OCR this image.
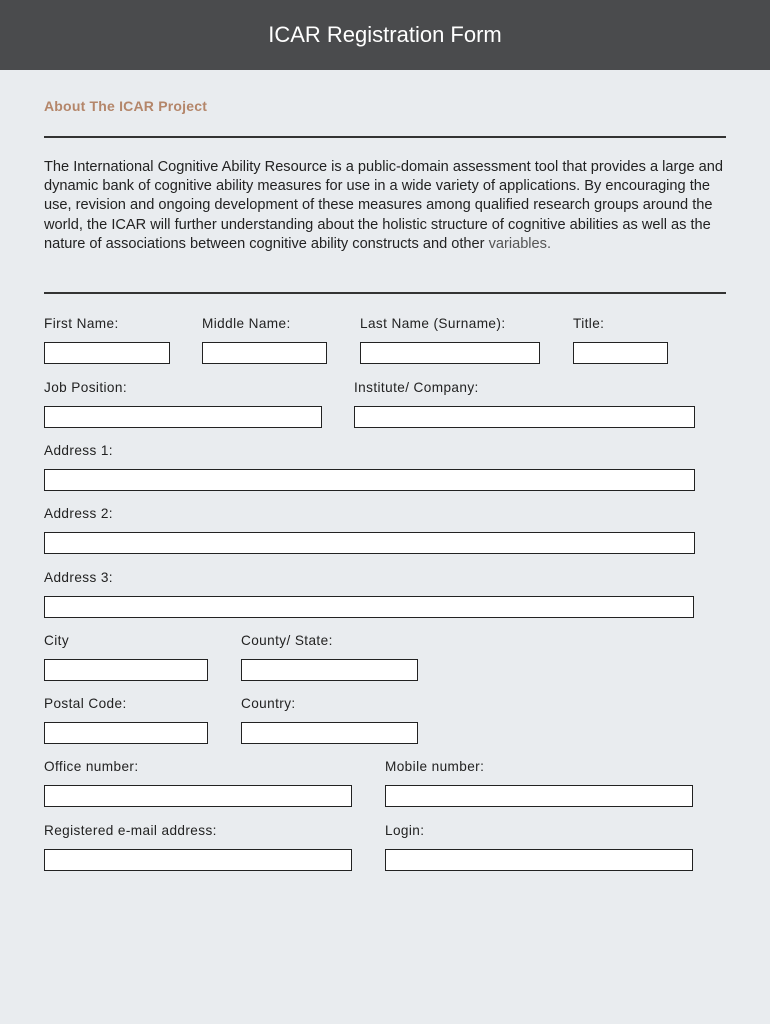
ICAR Registration Form
About The ICAR Project
The International Cognitive Ability Resource is a public-domain assessment tool that provides a large and dynamic bank of cognitive ability measures for use in a wide variety of applications. By encouraging the use, revision and ongoing development of these measures among qualified research groups around the world, the ICAR will further understanding about the holistic structure of cognitive abilities as well as the nature of associations between cognitive ability constructs and other variables.
First Name:	Middle Name:	Last Name (Surname):	Title:
Job Position:	Institute/ Company:
Address 1:
Address 2:
Address 3:
City	County/ State:
Postal Code:	Country:
Office number:	Mobile number:
Registered e-mail address:	Login:
